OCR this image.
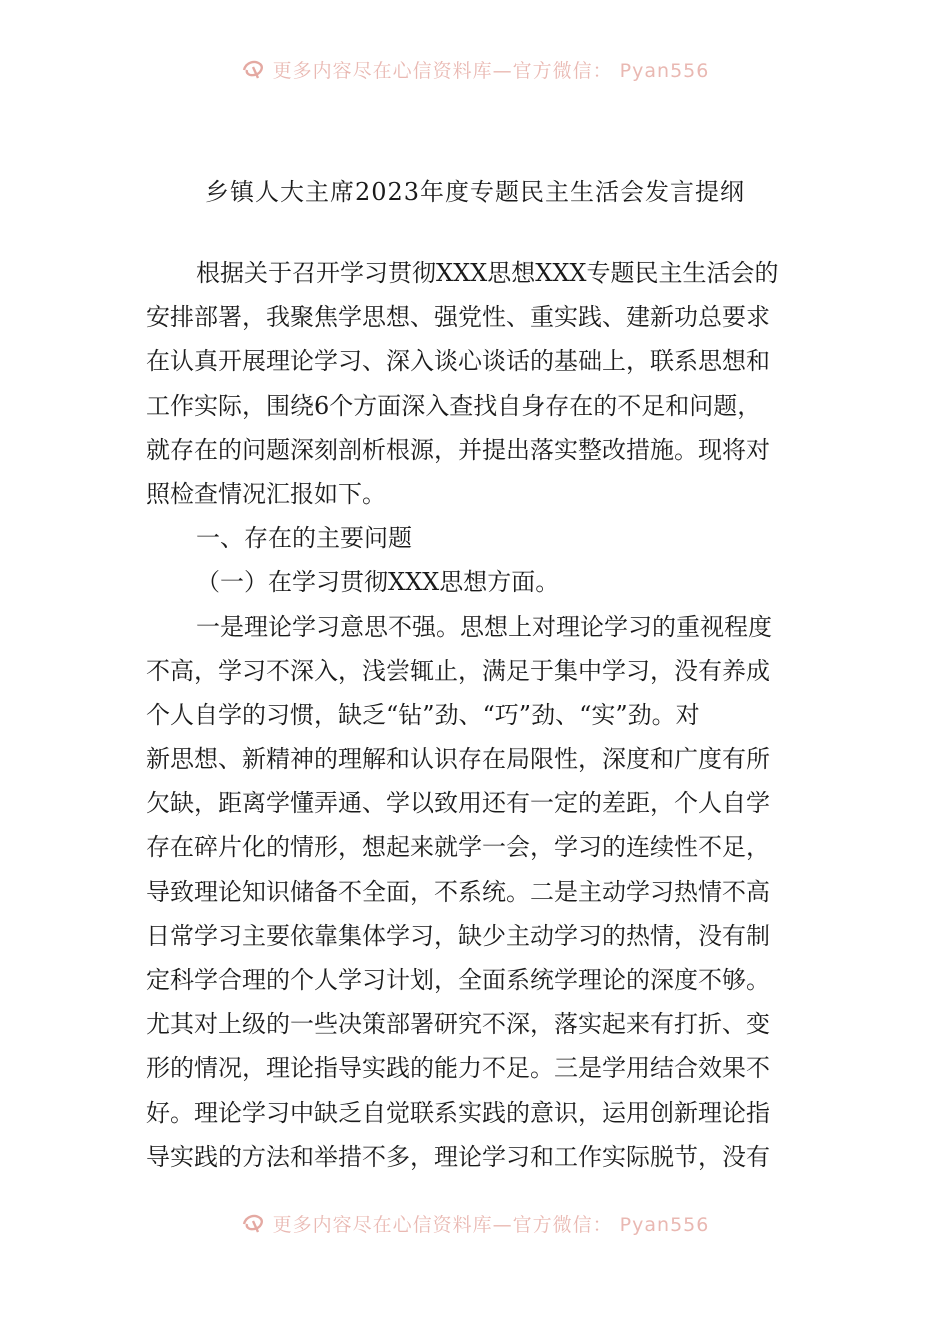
更多内容尽在心信资料库—官方微信： Pyan556
乡镇人大主席2023年度专题民主生活会发言提纲
根据关于召开学习贯彻XXX思想XXX专题民主生活会的
安排部署，我聚焦学思想、强党性、重实践、建新功总要求
在认真开展理论学习、深入谈心谈话的基础上，联系思想和
工作实际，围绕6个方面深入查找自身存在的不足和问题，
就存在的问题深刻剖析根源，并提出落实整改措施。现将对
照检查情况汇报如下。
一、存在的主要问题
（一）在学习贯彻XXX思想方面。
一是理论学习意思不强。思想上对理论学习的重视程度
不高，学习不深入，浅尝辄止，满足于集中学习，没有养成
个人自学的习惯，缺乏“钻”劲、“巧”劲、“实”劲。对
新思想、新精神的理解和认识存在局限性，深度和广度有所
欠缺，距离学懂弄通、学以致用还有一定的差距，个人自学
存在碎片化的情形，想起来就学一会，学习的连续性不足，
导致理论知识储备不全面，不系统。二是主动学习热情不高
日常学习主要依靠集体学习，缺少主动学习的热情，没有制
定科学合理的个人学习计划，全面系统学理论的深度不够。
尤其对上级的一些决策部署研究不深，落实起来有打折、变
形的情况，理论指导实践的能力不足。三是学用结合效果不
好。理论学习中缺乏自觉联系实践的意识，运用创新理论指
导实践的方法和举措不多，理论学习和工作实际脱节，没有
更多内容尽在心信资料库—官方微信： Pyan556
